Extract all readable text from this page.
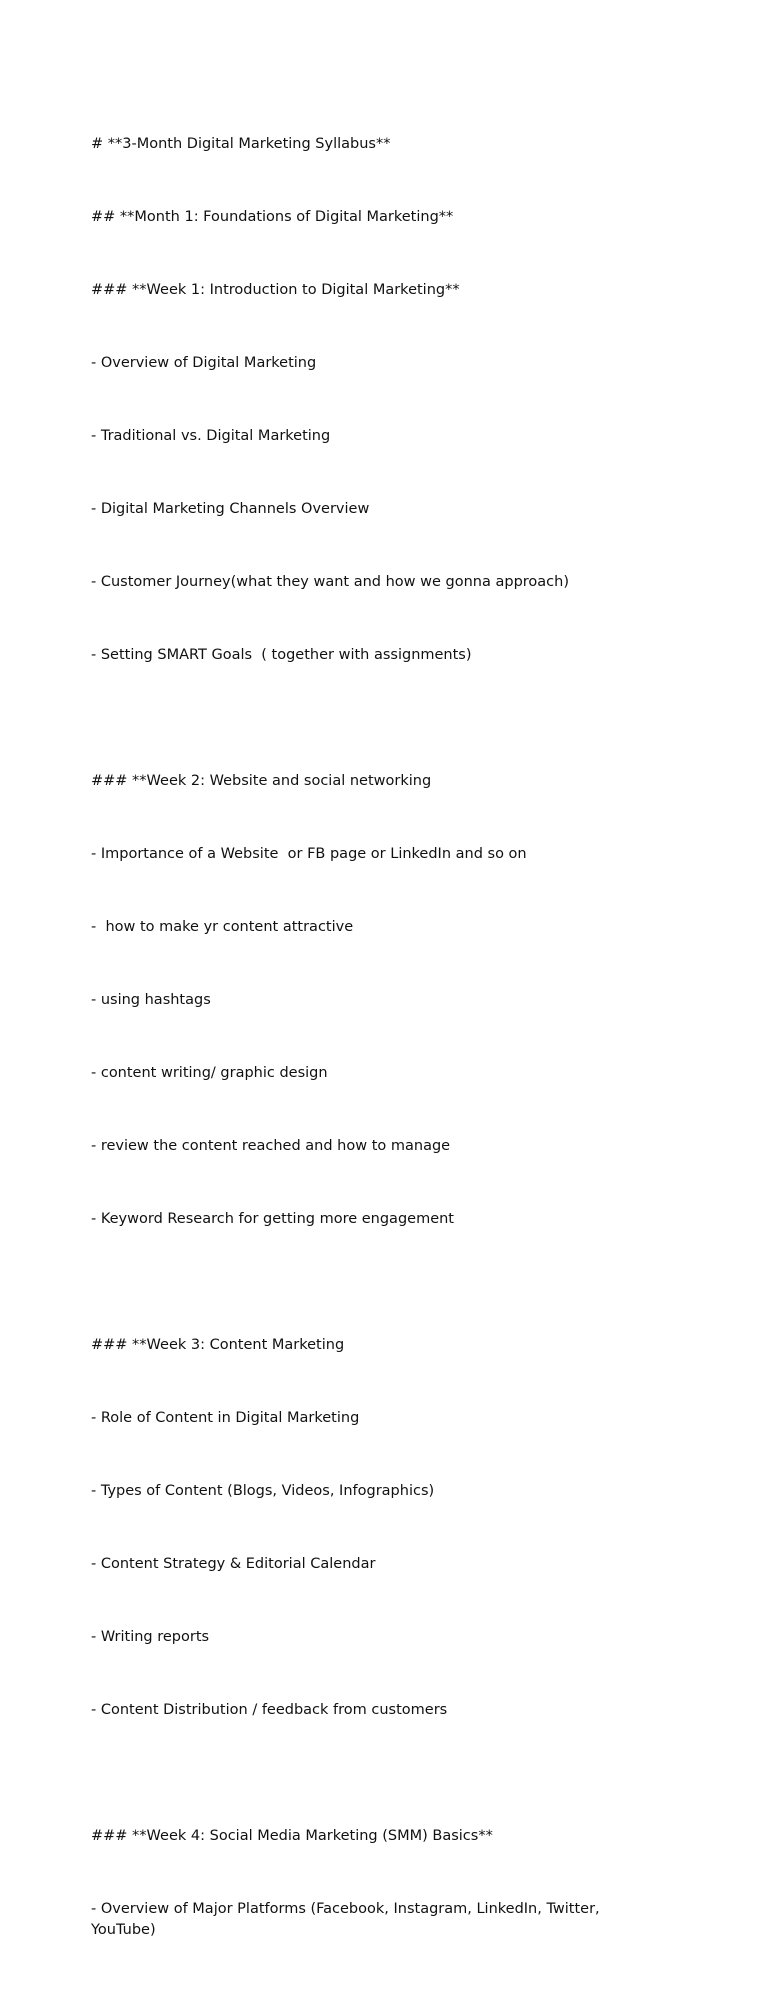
# **3-Month Digital Marketing Syllabus**

## **Month 1: Foundations of Digital Marketing**

### **Week 1: Introduction to Digital Marketing**

- Overview of Digital Marketing

- Traditional vs. Digital Marketing

- Digital Marketing Channels Overview

- Customer Journey(what they want and how we gonna approach)

- Setting SMART Goals  ( together with assignments)

### **Week 2: Website and social networking

- Importance of a Website  or FB page or LinkedIn and so on

-  how to make yr content attractive

- using hashtags

- content writing/ graphic design

- review the content reached and how to manage

- Keyword Research for getting more engagement

### **Week 3: Content Marketing

- Role of Content in Digital Marketing

- Types of Content (Blogs, Videos, Infographics)

- Content Strategy & Editorial Calendar

- Writing reports

- Content Distribution / feedback from customers

### **Week 4: Social Media Marketing (SMM) Basics**

- Overview of Major Platforms (Facebook, Instagram, LinkedIn, Twitter, YouTube)
